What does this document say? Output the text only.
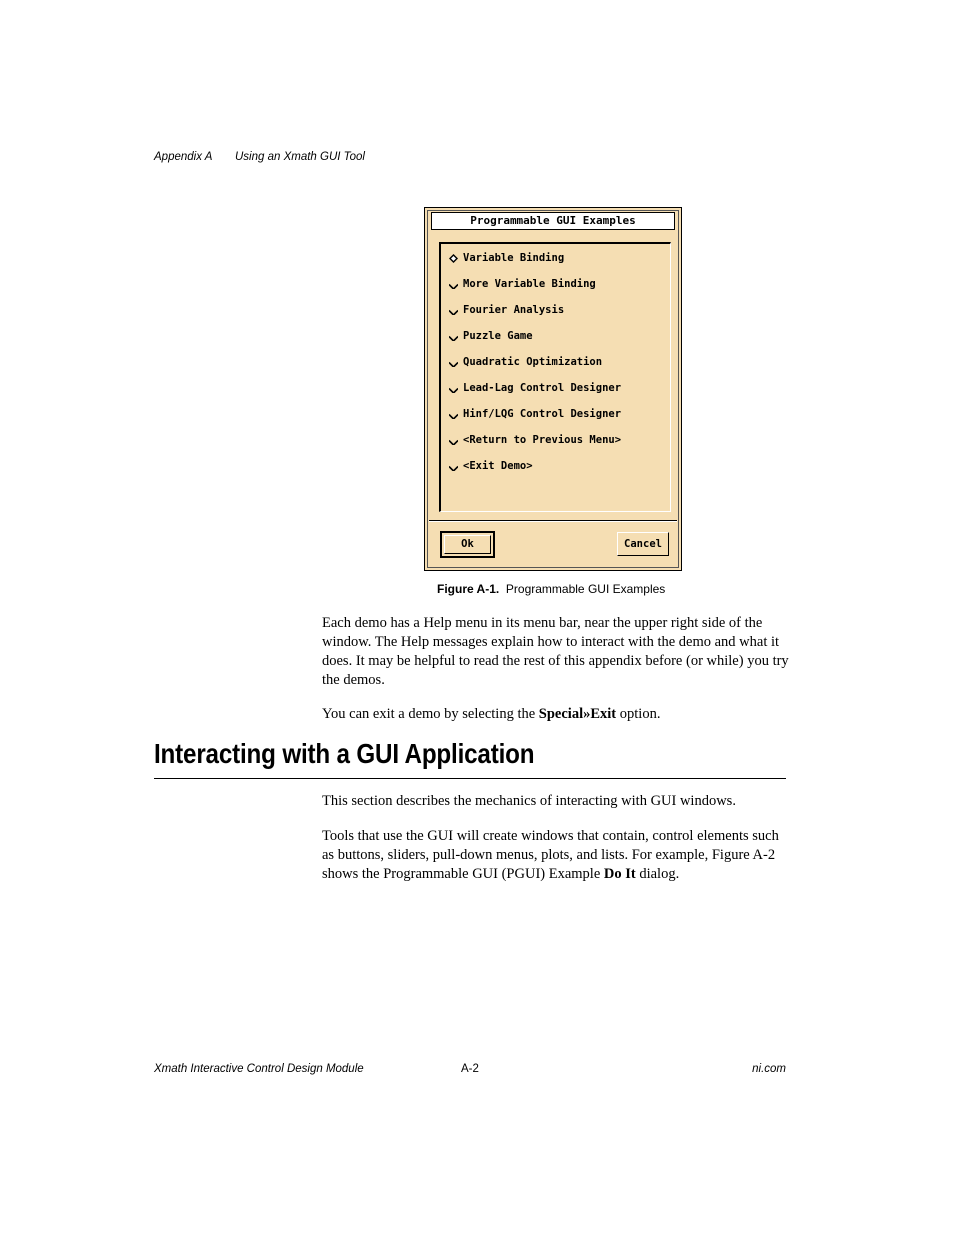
Appendix A Using an Xmath GUI Tool
Programmable GUI Examples
Variable Binding
More Variable Binding
Fourier Analysis
Puzzle Game
Quadratic Optimization
Lead-Lag Control Designer
Hinf/LQG Control Designer
<Return to Previous Menu>
<Exit Demo>
Ok	Cancel
Figure A-1. Programmable GUI Examples
Each demo has a Help menu in its menu bar, near the upper right side of the window. The Help messages explain how to interact with the demo and what it does. It may be helpful to read the rest of this appendix before (or while) you try the demos.
You can exit a demo by selecting the Special»Exit option.
Interacting with a GUI Application
This section describes the mechanics of interacting with GUI windows.
Tools that use the GUI will create windows that contain, control elements such as buttons, sliders, pull-down menus, plots, and lists. For example, Figure A-2 shows the Programmable GUI (PGUI) Example Do It dialog.
Xmath Interactive Control Design Module	A-2	ni.com
